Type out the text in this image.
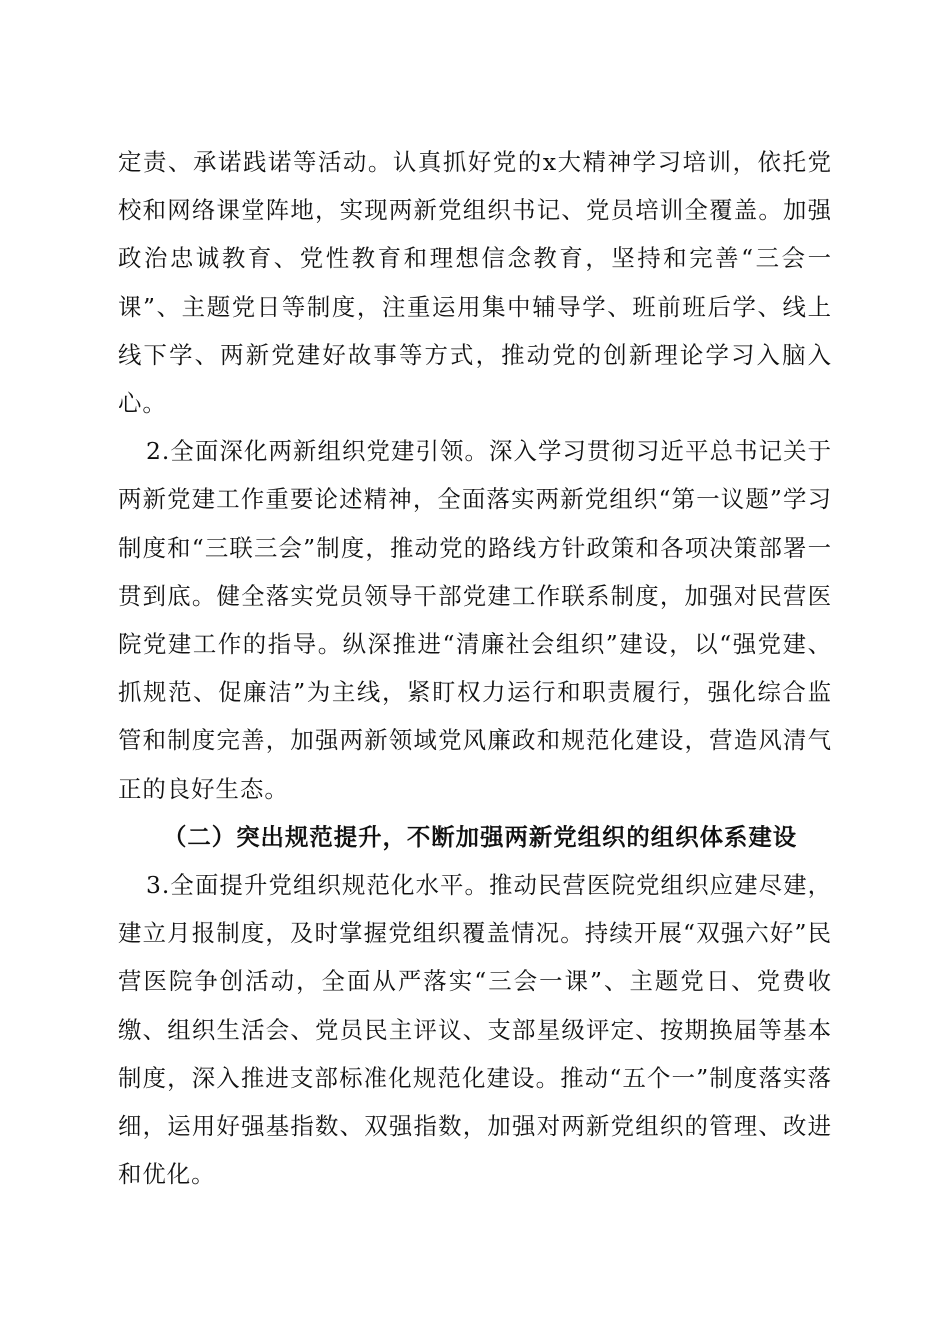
定责、承诺践诺等活动。认真抓好党的x大精神学习培训，依托党校和网络课堂阵地，实现两新党组织书记、党员培训全覆盖。加强政治忠诚教育、党性教育和理想信念教育，坚持和完善“三会一课”、主题党日等制度，注重运用集中辅导学、班前班后学、线上线下学、两新党建好故事等方式，推动党的创新理论学习入脑入心。

2.全面深化两新组织党建引领。深入学习贯彻习近平总书记关于两新党建工作重要论述精神，全面落实两新党组织“第一议题”学习制度和“三联三会”制度，推动党的路线方针政策和各项决策部署一贯到底。健全落实党员领导干部党建工作联系制度，加强对民营医院党建工作的指导。纵深推进“清廉社会组织”建设，以“强党建、抓规范、促廉洁”为主线，紧盯权力运行和职责履行，强化综合监管和制度完善，加强两新领域党风廉政和规范化建设，营造风清气正的良好生态。

（二）突出规范提升，不断加强两新党组织的组织体系建设

3.全面提升党组织规范化水平。推动民营医院党组织应建尽建，建立月报制度，及时掌握党组织覆盖情况。持续开展“双强六好”民营医院争创活动，全面从严落实“三会一课”、主题党日、党费收缴、组织生活会、党员民主评议、支部星级评定、按期换届等基本制度，深入推进支部标准化规范化建设。推动“五个一”制度落实落细，运用好强基指数、双强指数，加强对两新党组织的管理、改进和优化。
